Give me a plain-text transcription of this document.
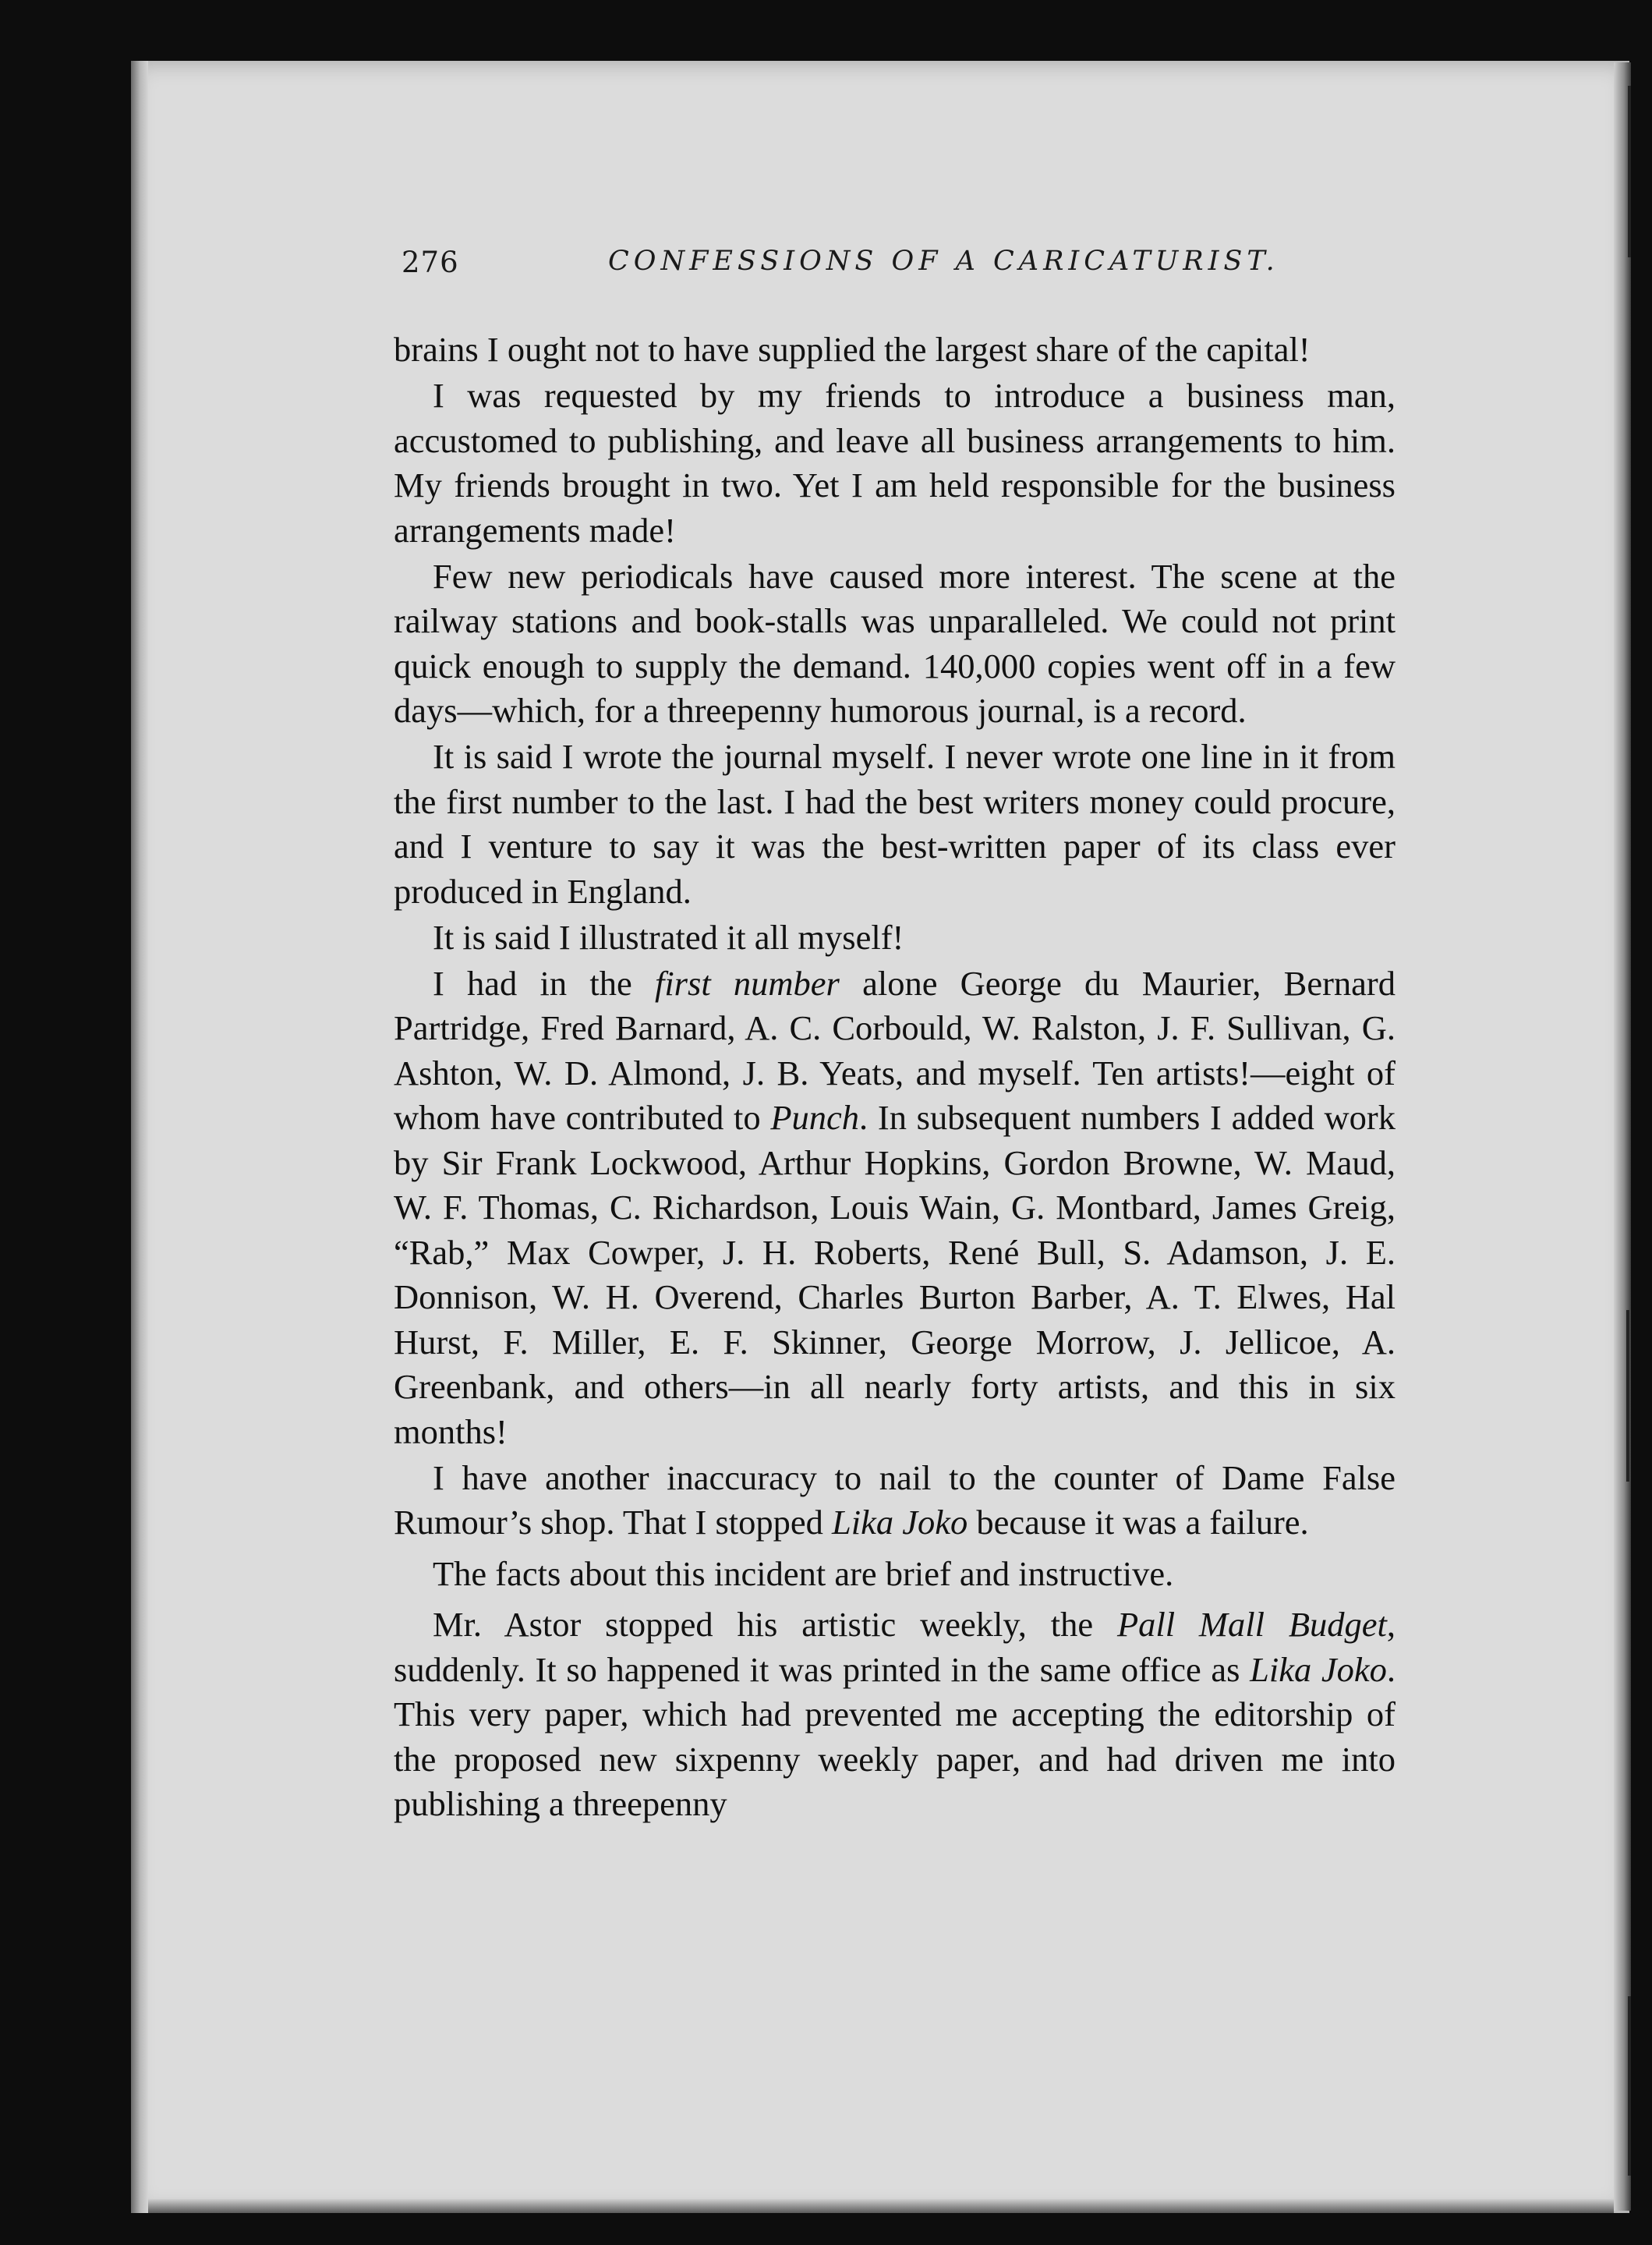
276	CONFESSIONS OF A CARICATURIST.

brains I ought not to have supplied the largest share of the capital!

I was requested by my friends to introduce a business man, accustomed to publishing, and leave all business arrangements to him. My friends brought in two. Yet I am held responsible for the business arrangements made!

Few new periodicals have caused more interest. The scene at the railway stations and book-stalls was unparalleled. We could not print quick enough to supply the demand. 140,000 copies went off in a few days—which, for a threepenny humorous journal, is a record.

It is said I wrote the journal myself. I never wrote one line in it from the first number to the last. I had the best writers money could procure, and I venture to say it was the best-written paper of its class ever produced in England.

It is said I illustrated it all myself!

I had in the first number alone George du Maurier, Bernard Partridge, Fred Barnard, A. C. Corbould, W. Ralston, J. F. Sullivan, G. Ashton, W. D. Almond, J. B. Yeats, and myself. Ten artists!—eight of whom have contributed to Punch. In subsequent numbers I added work by Sir Frank Lockwood, Arthur Hopkins, Gordon Browne, W. Maud, W. F. Thomas, C. Richardson, Louis Wain, G. Montbard, James Greig, “Rab,” Max Cowper, J. H. Roberts, René Bull, S. Adamson, J. E. Donnison, W. H. Overend, Charles Burton Barber, A. T. Elwes, Hal Hurst, F. Miller, E. F. Skinner, George Morrow, J. Jellicoe, A. Greenbank, and others—in all nearly forty artists, and this in six months!

I have another inaccuracy to nail to the counter of Dame False Rumour’s shop. That I stopped Lika Joko because it was a failure.

The facts about this incident are brief and instructive.

Mr. Astor stopped his artistic weekly, the Pall Mall Budget, suddenly. It so happened it was printed in the same office as Lika Joko. This very paper, which had prevented me accepting the editorship of the proposed new sixpenny weekly paper, and had driven me into publishing a threepenny
